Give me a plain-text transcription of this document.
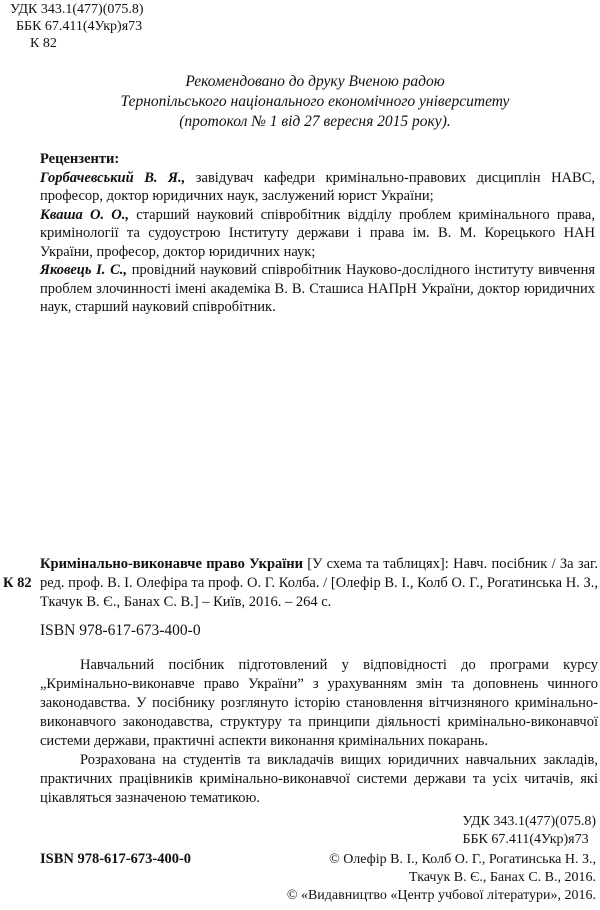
УДК 343.1(477)(075.8)
ББК 67.411(4Укр)я73
К 82
Рекомендовано до друку Вченою радою
Тернопільського національного економічного університету
(протокол № 1 від 27 вересня 2015 року).
Рецензенти:

Горбачевський В. Я., завідувач кафедри кримінально-правових дисциплін НАВС, професор, доктор юридичних наук, заслужений юрист України;

Кваша О. О., старший науковий співробітник відділу проблем кримінального права, кримінології та судоустрою Інституту держави і права ім. В. М. Корецького НАН України, професор, доктор юридичних наук;

Яковець І. С., провідний науковий співробітник Науково-дослідного інституту вивчення проблем злочинності імені академіка В. В. Сташиса НАПрН України, доктор юридичних наук, старший науковий співробітник.

К 82
Кримінально-виконавче право України [У схема та таблицях]: Навч. посібник / За заг. ред. проф. В. І. Олефіра та проф. О. Г. Колба. / [Олефір В. І., Колб О. Г., Рогатинська Н. З., Ткачук В. Є., Банах С. В.] – Київ, 2016. – 264 с.
ISBN 978-617-673-400-0

Навчальний посібник підготовлений у відповідності до програми курсу „Кримінально-виконавче право України” з урахуванням змін та доповнень чинного законодавства. У посібнику розглянуто історію становлення вітчизняного кримінально-виконавчого законодавства, структуру та принципи діяльності кримінально-виконавчої системи держави, практичні аспекти виконання кримінальних покарань.

Розрахована на студентів та викладачів вищих юридичних навчальних закладів, практичних працівників кримінально-виконавчої системи держави та усіх читачів, які цікавляться зазначеною тематикою.

УДК 343.1(477)(075.8)
ББК 67.411(4Укр)я73
ISBN 978-617-673-400-0	© Олефір В. І., Колб О. Г., Рогатинська Н. З.,
Ткачук В. Є., Банах С. В., 2016.
© «Видавництво «Центр учбової літератури», 2016.
